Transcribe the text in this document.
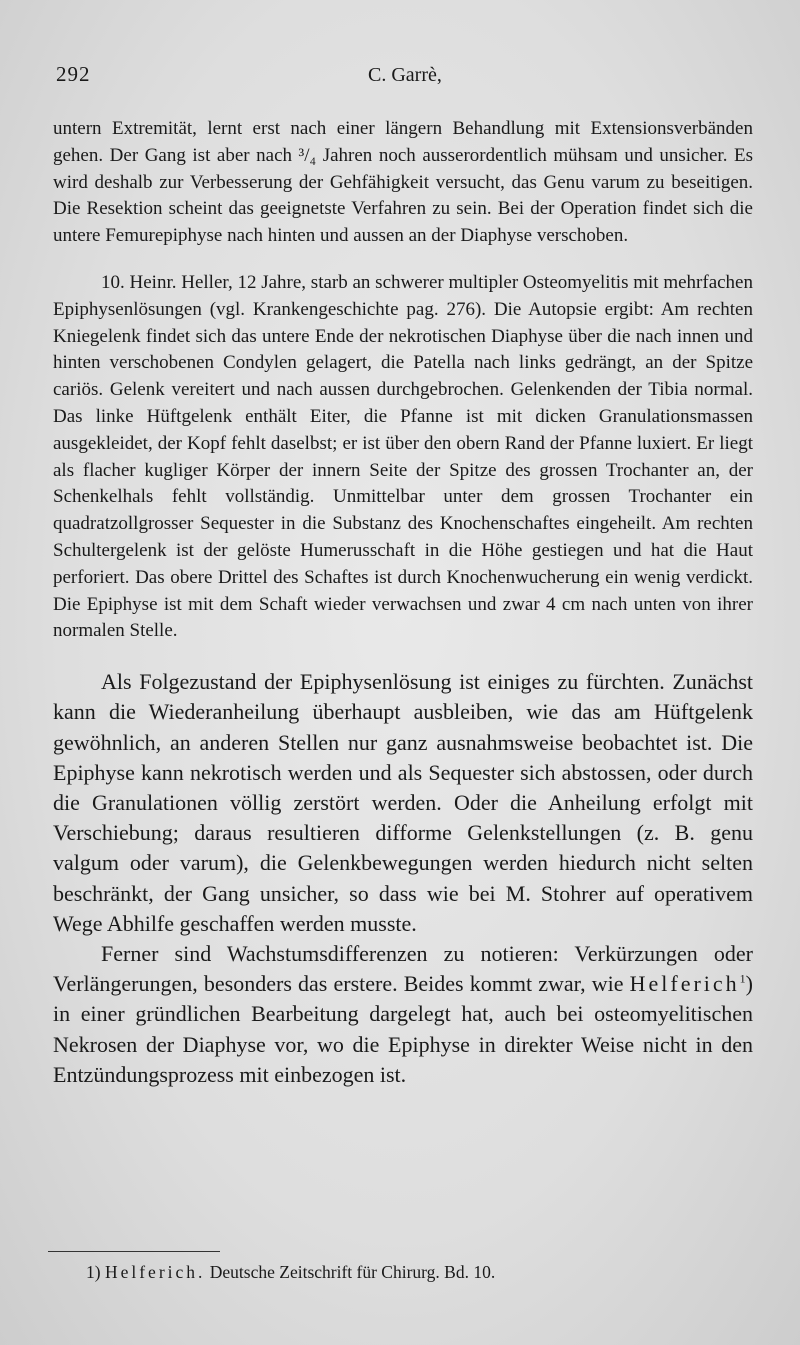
292	C. Garrè,

untern Extremität, lernt erst nach einer längern Behandlung mit Extensionsverbänden gehen. Der Gang ist aber nach ³/₄ Jahren noch ausserordentlich mühsam und unsicher. Es wird deshalb zur Verbesserung der Gehfähigkeit versucht, das Genu varum zu beseitigen. Die Resektion scheint das geeignetste Verfahren zu sein. Bei der Operation findet sich die untere Femurepiphyse nach hinten und aussen an der Diaphyse verschoben.

10. Heinr. Heller, 12 Jahre, starb an schwerer multipler Osteomyelitis mit mehrfachen Epiphysenlösungen (vgl. Krankengeschichte pag. 276). Die Autopsie ergibt: Am rechten Kniegelenk findet sich das untere Ende der nekrotischen Diaphyse über die nach innen und hinten verschobenen Condylen gelagert, die Patella nach links gedrängt, an der Spitze cariös. Gelenk vereitert und nach aussen durchgebrochen. Gelenkenden der Tibia normal. Das linke Hüftgelenk enthält Eiter, die Pfanne ist mit dicken Granulationsmassen ausgekleidet, der Kopf fehlt daselbst; er ist über den obern Rand der Pfanne luxiert. Er liegt als flacher kugliger Körper der innern Seite der Spitze des grossen Trochanter an, der Schenkelhals fehlt vollständig. Unmittelbar unter dem grossen Trochanter ein quadratzollgrosser Sequester in die Substanz des Knochenschaftes eingeheilt. Am rechten Schultergelenk ist der gelöste Humerusschaft in die Höhe gestiegen und hat die Haut perforiert. Das obere Drittel des Schaftes ist durch Knochenwucherung ein wenig verdickt. Die Epiphyse ist mit dem Schaft wieder verwachsen und zwar 4 cm nach unten von ihrer normalen Stelle.

Als Folgezustand der Epiphysenlösung ist einiges zu fürchten. Zunächst kann die Wiederanheilung überhaupt ausbleiben, wie das am Hüftgelenk gewöhnlich, an anderen Stellen nur ganz ausnahmsweise beobachtet ist. Die Epiphyse kann nekrotisch werden und als Sequester sich abstossen, oder durch die Granulationen völlig zerstört werden. Oder die Anheilung erfolgt mit Verschiebung; daraus resultieren difforme Gelenkstellungen (z. B. genu valgum oder varum), die Gelenkbewegungen werden hiedurch nicht selten beschränkt, der Gang unsicher, so dass wie bei M. Stohrer auf operativem Wege Abhilfe geschaffen werden musste.

Ferner sind Wachstumsdifferenzen zu notieren: Verkürzungen oder Verlängerungen, besonders das erstere. Beides kommt zwar, wie Helferich$^1$) in einer gründlichen Bearbeitung dargelegt hat, auch bei osteomyelitischen Nekrosen der Diaphyse vor, wo die Epiphyse in direkter Weise nicht in den Entzündungsprozess mit einbezogen ist.

1) Helferich. Deutsche Zeitschrift für Chirurg. Bd. 10.
